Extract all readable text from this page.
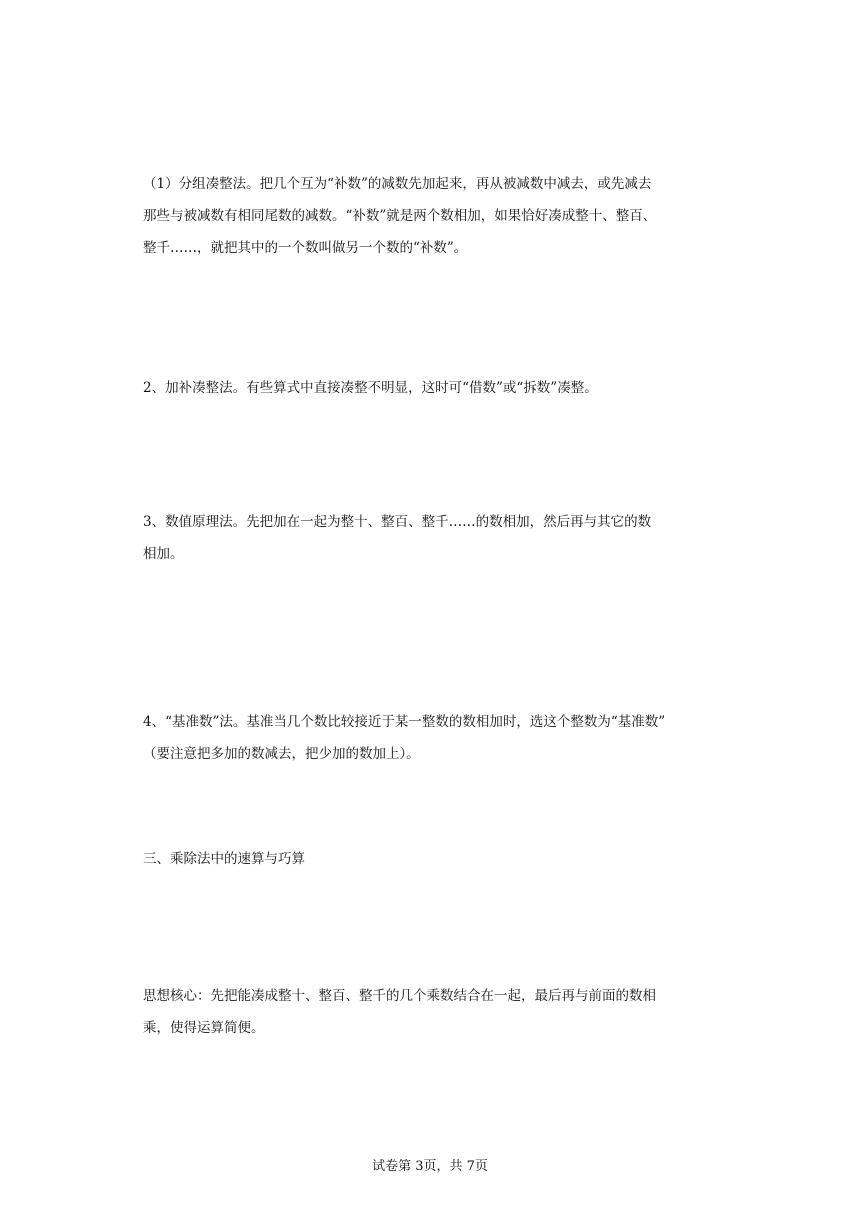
（1）分组凑整法。把几个互为“补数”的减数先加起来，再从被减数中减去，或先减去
那些与被减数有相同尾数的减数。“补数”就是两个数相加，如果恰好凑成整十、整百、
整千……，就把其中的一个数叫做另一个数的“补数”。
2、加补凑整法。有些算式中直接凑整不明显，这时可“借数”或“拆数”凑整。
3、数值原理法。先把加在一起为整十、整百、整千……的数相加，然后再与其它的数
相加。
4、“基准数”法。基准当几个数比较接近于某一整数的数相加时，选这个整数为“基准数”
（要注意把多加的数减去，把少加的数加上）。
三、乘除法中的速算与巧算
思想核心：先把能凑成整十、整百、整千的几个乘数结合在一起，最后再与前面的数相
乘，使得运算简便。
试卷第 3页，共 7页
